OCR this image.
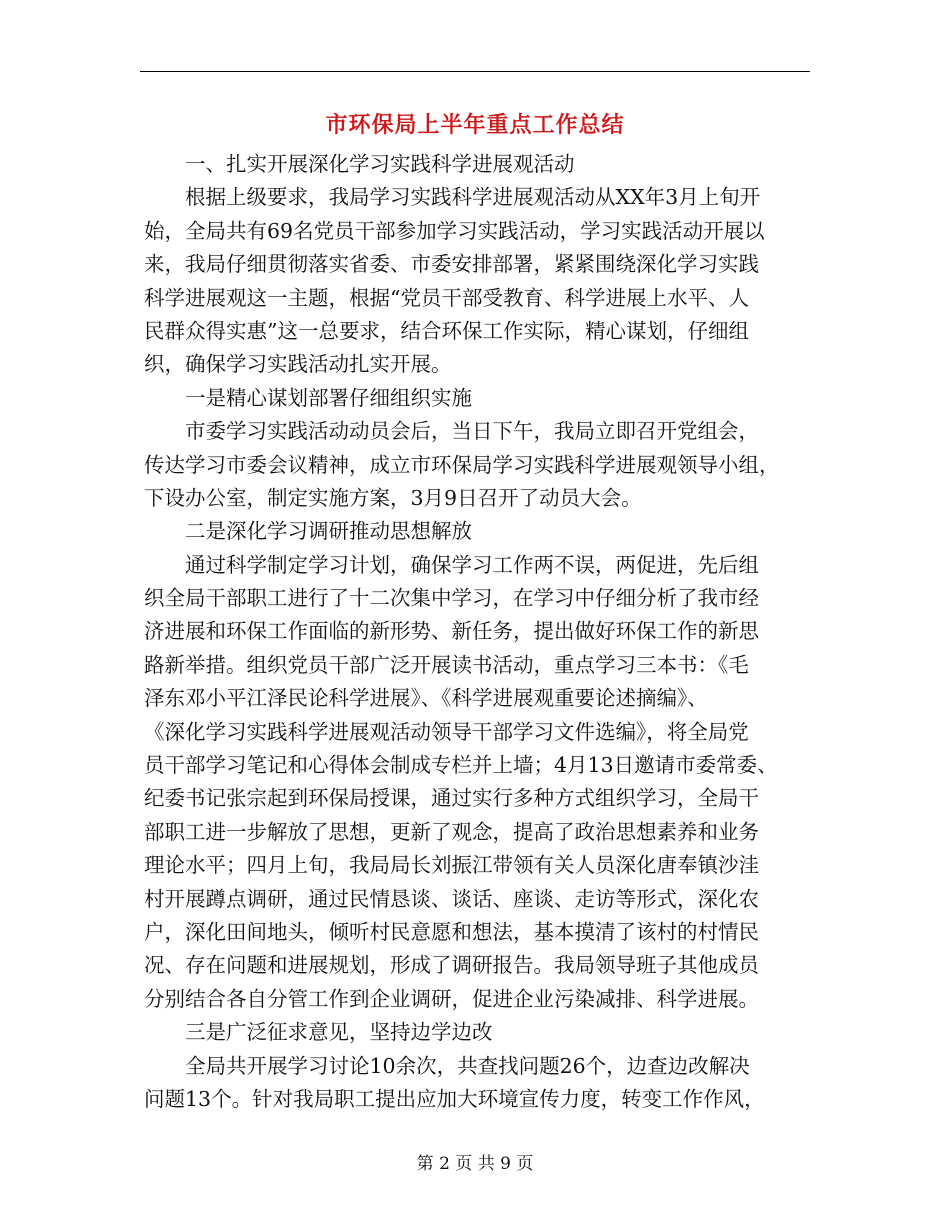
市环保局上半年重点工作总结
一、扎实开展深化学习实践科学进展观活动
根据上级要求，我局学习实践科学进展观活动从XX年3月上旬开
始，全局共有69名党员干部参加学习实践活动，学习实践活动开展以
来，我局仔细贯彻落实省委、市委安排部署，紧紧围绕深化学习实践
科学进展观这一主题，根据“党员干部受教育、科学进展上水平、人
民群众得实惠”这一总要求，结合环保工作实际，精心谋划，仔细组
织，确保学习实践活动扎实开展。
一是精心谋划部署仔细组织实施
市委学习实践活动动员会后，当日下午，我局立即召开党组会，
传达学习市委会议精神，成立市环保局学习实践科学进展观领导小组，
下设办公室，制定实施方案，3月9日召开了动员大会。
二是深化学习调研推动思想解放
通过科学制定学习计划，确保学习工作两不误，两促进，先后组
织全局干部职工进行了十二次集中学习，在学习中仔细分析了我市经
济进展和环保工作面临的新形势、新任务，提出做好环保工作的新思
路新举措。组织党员干部广泛开展读书活动，重点学习三本书：《毛
泽东邓小平江泽民论科学进展》、《科学进展观重要论述摘编》、
《深化学习实践科学进展观活动领导干部学习文件选编》，将全局党
员干部学习笔记和心得体会制成专栏并上墙；4月13日邀请市委常委、
纪委书记张宗起到环保局授课，通过实行多种方式组织学习，全局干
部职工进一步解放了思想，更新了观念，提高了政治思想素养和业务
理论水平；四月上旬，我局局长刘振江带领有关人员深化唐奉镇沙洼
村开展蹲点调研，通过民情恳谈、谈话、座谈、走访等形式，深化农
户，深化田间地头，倾听村民意愿和想法，基本摸清了该村的村情民
况、存在问题和进展规划，形成了调研报告。我局领导班子其他成员
分别结合各自分管工作到企业调研，促进企业污染减排、科学进展。
三是广泛征求意见，坚持边学边改
全局共开展学习讨论10余次，共查找问题26个，边查边改解决
问题13个。针对我局职工提出应加大环境宣传力度，转变工作作风，
第 2 页 共 9 页
